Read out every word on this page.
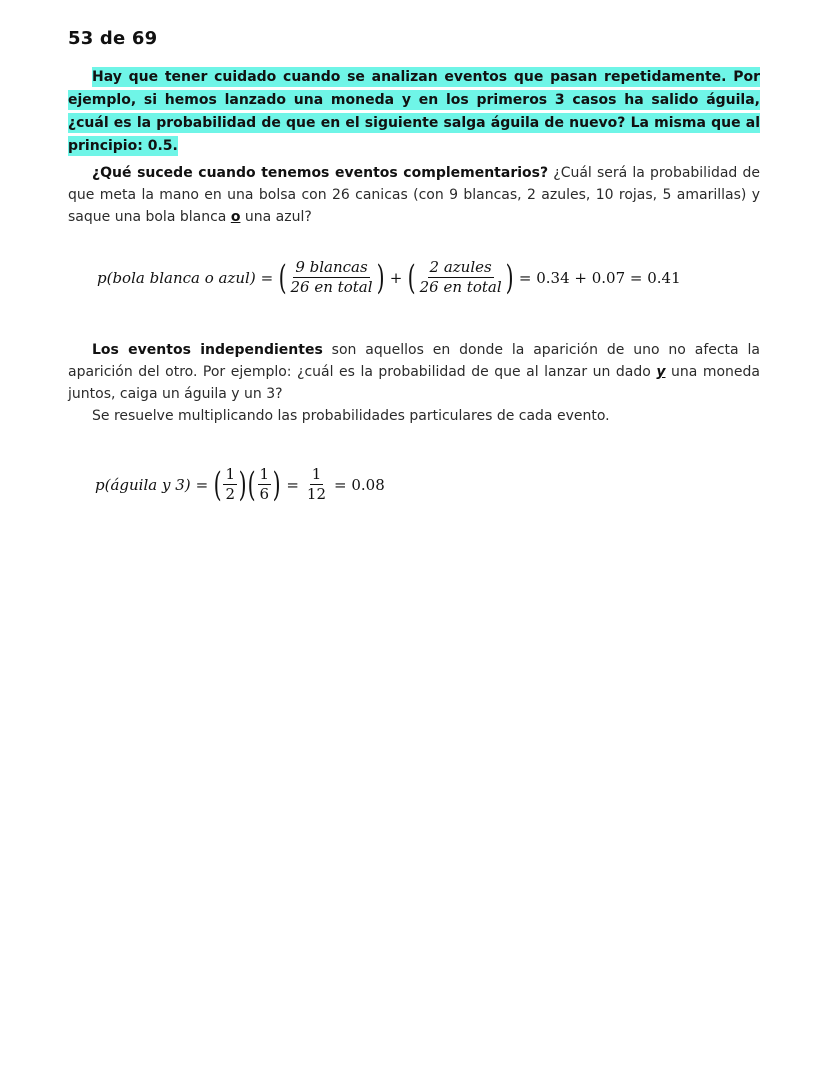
53 de 69
Hay que tener cuidado cuando se analizan eventos que pasan repetidamente. Por ejemplo, si hemos lanzado una moneda y en los primeros 3 casos ha salido águila, ¿cuál es la probabilidad de que en el siguiente salga águila de nuevo? La misma que al principio: 0.5.
¿Qué sucede cuando tenemos eventos complementarios? ¿Cuál será la probabilidad de que meta la mano en una bolsa con 26 canicas (con 9 blancas, 2 azules, 10 rojas, 5 amarillas) y saque una bola blanca o una azul?
p(bola blanca o azul) = ( $\frac{\text{9 blancas}}{\text{26 en total}}$ ) + ( $\frac{\text{2 azules}}{\text{26 en total}}$ ) = 0.34 + 0.07 = 0.41
Los eventos independientes son aquellos en donde la aparición de uno no afecta la aparición del otro. Por ejemplo: ¿cuál es la probabilidad de que al lanzar un dado y una moneda juntos, caiga un águila y un 3?
Se resuelve multiplicando las probabilidades particulares de cada evento.
p(águila y 3) = ( $\frac{1}{2}$ ) ( $\frac{1}{6}$ ) = $\frac{1}{12} = 0.08$
